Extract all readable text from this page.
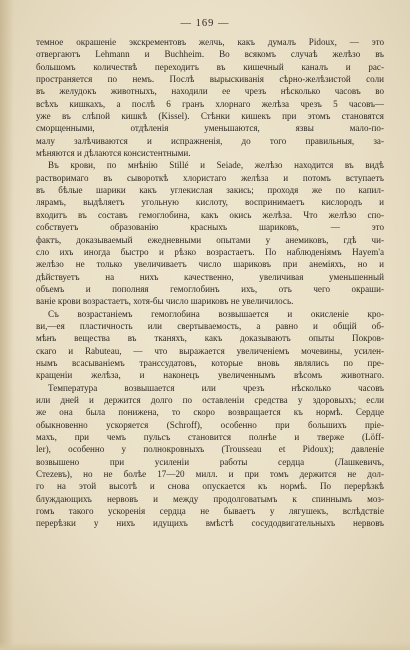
— 169 —
темное окрашеніе экскрементовъ желчь, какъ думалъ Pidoux, — это
отвергаютъ Lehmann и Buchheim. Во всякомъ случаѣ желѣзо въ
большомъ количествѣ переходитъ въ кишечный каналъ и рас-
пространяется по немъ. Послѣ вырыскиванія сѣрно-желѣзистой соли
въ желудокъ животныхъ, находили ее чрезъ нѣсколько часовъ во
всѣхъ кишкахъ, а послѣ 6 гранъ хлорнаго желѣза чрезъ 5 часовъ—
уже въ слѣпой кишкѣ (Kissel). Стѣнки кишекъ при этомъ становятся
сморщенными, отдѣленія уменьшаются, язвы мало-по-
малу залѣчиваются и испражненія, до того правильныя, за-
мѣняются и дѣлаются консистентными.
Въ крови, по мнѣнію Stillé и Seiade, желѣзо находится въ видѣ
растворимаго въ сывороткѣ хлористаго желѣза и потомъ вступаетъ
въ бѣлые шарики какъ углекислая закись; проходя же по капил-
лярамъ, выдѣляетъ угольную кислоту, воспринимаетъ кислородъ и
входитъ въ составъ гемоглобина, какъ окись желѣза. Что желѣзо спо-
собствуетъ образованію красныхъ шариковъ, — это
фактъ, доказываемый ежедневными опытами у анемиковъ, гдѣ чи-
сло ихъ иногда быстро и рѣзко возрастаетъ. По наблюденіямъ Hayem'а
желѣзо не только увеличиваетъ число шариковъ при анеміяхъ, но и
дѣйствуетъ на нихъ качественно, увеличивая уменьшенный
объемъ и пополняя гемоглобинъ ихъ, отъ чего окраши-
ваніе крови возрастаетъ, хотя-бы число шариковъ не увеличилось.
Съ возрастаніемъ гемоглобина возвышается и окисленіе кро-
ви,—ея пластичность или свертываемость, а равно и общій об-
мѣнъ вещества въ тканяхъ, какъ доказываютъ опыты Покров-
скаго и Rabuteau, — что выражается увеличеніемъ мочевины, усилен-
нымъ всасываніемъ транссудатовъ, которые вновь являлись по пре-
кращеніи желѣза, и наконецъ увеличеннымъ вѣсомъ животнаго.
Температура возвышается или чрезъ нѣсколько часовъ
или дней и держится долго по оставленіи средства у здоровыхъ; если
же она была понижена, то скоро возвращается къ нормѣ. Сердце
обыкновенно ускоряется (Schroff), особенно при большихъ пріе-
махъ, при чемъ пульсъ становится полнѣе и тверже (Löff-
ler), особенно у полнокровныхъ (Trousseau et Pidoux); давленіе
возвышено при усиленіи работы сердца (Лашкевичъ,
Стеzевъ), но не болѣе 17—20 милл. и при томъ держится не дол-
го на этой высотѣ и снова опускается къ нормѣ. По перерѣзкѣ
блуждающихъ нервовъ и между продолговатымъ к спиннымъ моз-
гомъ такого ускоренія сердца не бываетъ у лягушекъ, вслѣдствіе
перерѣзки у нихъ идущихъ вмѣстѣ сосудодвигательныхъ нервовъ
